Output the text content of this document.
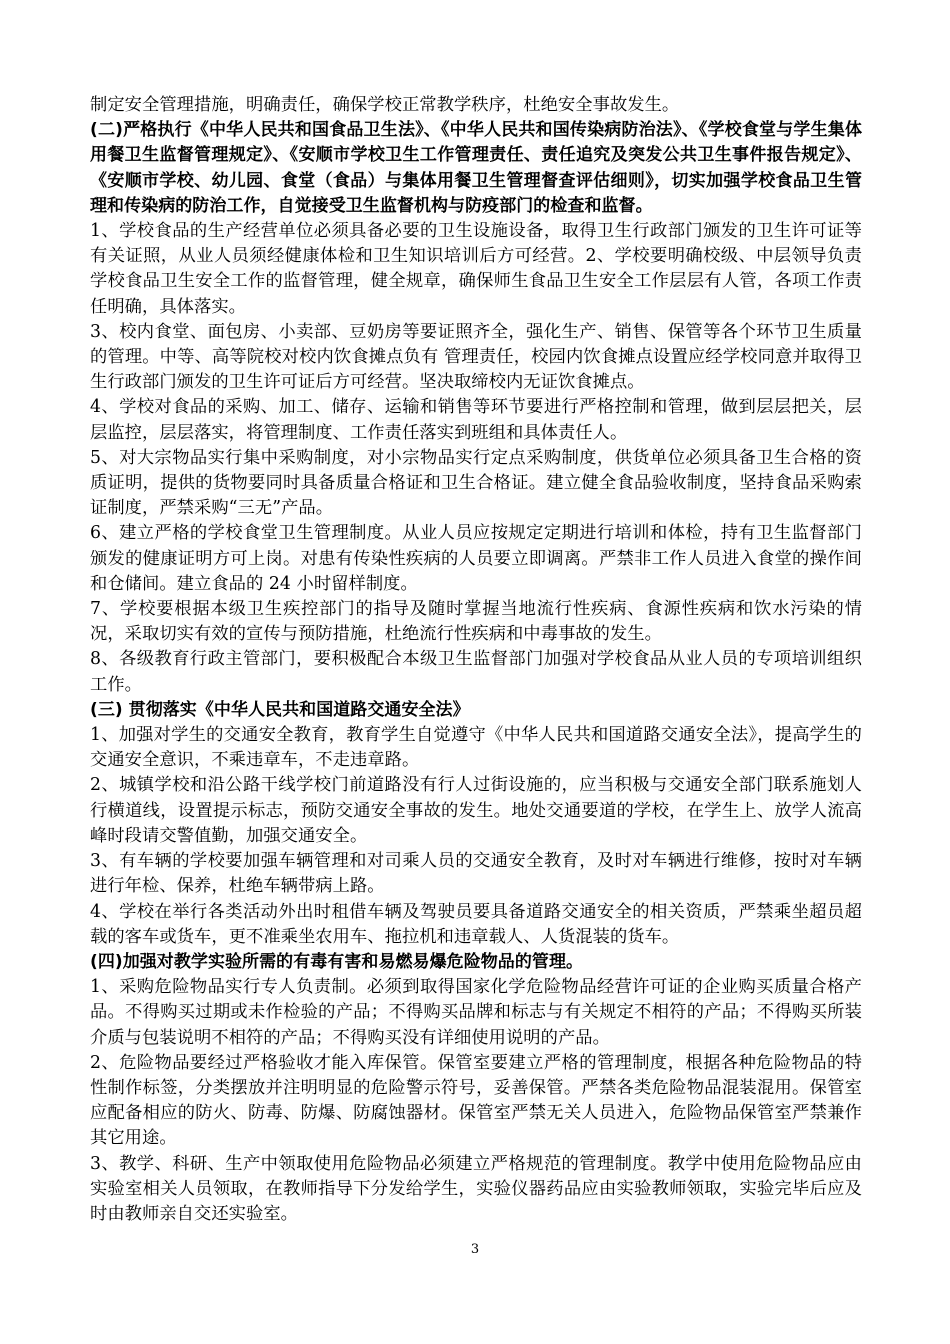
制定安全管理措施，明确责任，确保学校正常教学秩序，杜绝安全事故发生。

(二)严格执行《中华人民共和国食品卫生法》、《中华人民共和国传染病防治法》、《学校食堂与学生集体用餐卫生监督管理规定》、《安顺市学校卫生工作管理责任、责任追究及突发公共卫生事件报告规定》、《安顺市学校、幼儿园、食堂（食品）与集体用餐卫生管理督查评估细则》，切实加强学校食品卫生管理和传染病的防治工作，自觉接受卫生监督机构与防疫部门的检查和监督。

1、学校食品的生产经营单位必须具备必要的卫生设施设备，取得卫生行政部门颁发的卫生许可证等有关证照，从业人员须经健康体检和卫生知识培训后方可经营。2、学校要明确校级、中层领导负责学校食品卫生安全工作的监督管理，健全规章，确保师生食品卫生安全工作层层有人管，各项工作责任明确，具体落实。

3、校内食堂、面包房、小卖部、豆奶房等要证照齐全，强化生产、销售、保管等各个环节卫生质量的管理。中等、高等院校对校内饮食摊点负有 管理责任，校园内饮食摊点设置应经学校同意并取得卫生行政部门颁发的卫生许可证后方可经营。坚决取缔校内无证饮食摊点。

4、学校对食品的采购、加工、储存、运输和销售等环节要进行严格控制和管理，做到层层把关，层层监控，层层落实，将管理制度、工作责任落实到班组和具体责任人。

5、对大宗物品实行集中采购制度，对小宗物品实行定点采购制度，供货单位必须具备卫生合格的资质证明，提供的货物要同时具备质量合格证和卫生合格证。建立健全食品验收制度，坚持食品采购索证制度，严禁采购“三无”产品。

6、建立严格的学校食堂卫生管理制度。从业人员应按规定定期进行培训和体检，持有卫生监督部门颁发的健康证明方可上岗。对患有传染性疾病的人员要立即调离。严禁非工作人员进入食堂的操作间和仓储间。建立食品的 24 小时留样制度。

7、学校要根据本级卫生疾控部门的指导及随时掌握当地流行性疾病、食源性疾病和饮水污染的情况，采取切实有效的宣传与预防措施，杜绝流行性疾病和中毒事故的发生。

8、各级教育行政主管部门，要积极配合本级卫生监督部门加强对学校食品从业人员的专项培训组织工作。

(三) 贯彻落实《中华人民共和国道路交通安全法》

1、加强对学生的交通安全教育，教育学生自觉遵守《中华人民共和国道路交通安全法》，提高学生的交通安全意识，不乘违章车，不走违章路。

2、城镇学校和沿公路干线学校门前道路没有行人过街设施的，应当积极与交通安全部门联系施划人行横道线，设置提示标志，预防交通安全事故的发生。地处交通要道的学校，在学生上、放学人流高峰时段请交警值勤，加强交通安全。

3、有车辆的学校要加强车辆管理和对司乘人员的交通安全教育，及时对车辆进行维修，按时对车辆进行年检、保养，杜绝车辆带病上路。

4、学校在举行各类活动外出时租借车辆及驾驶员要具备道路交通安全的相关资质，严禁乘坐超员超载的客车或货车，更不准乘坐农用车、拖拉机和违章载人、人货混装的货车。

(四)加强对教学实验所需的有毒有害和易燃易爆危险物品的管理。

1、采购危险物品实行专人负责制。必须到取得国家化学危险物品经营许可证的企业购买质量合格产品。不得购买过期或未作检验的产品；不得购买品牌和标志与有关规定不相符的产品；不得购买所装介质与包装说明不相符的产品；不得购买没有详细使用说明的产品。

2、危险物品要经过严格验收才能入库保管。保管室要建立严格的管理制度，根据各种危险物品的特性制作标签，分类摆放并注明明显的危险警示符号，妥善保管。严禁各类危险物品混装混用。保管室应配备相应的防火、防毒、防爆、防腐蚀器材。保管室严禁无关人员进入，危险物品保管室严禁兼作其它用途。

3、教学、科研、生产中领取使用危险物品必须建立严格规范的管理制度。教学中使用危险物品应由实验室相关人员领取，在教师指导下分发给学生，实验仪器药品应由实验教师领取，实验完毕后应及时由教师亲自交还实验室。

3
